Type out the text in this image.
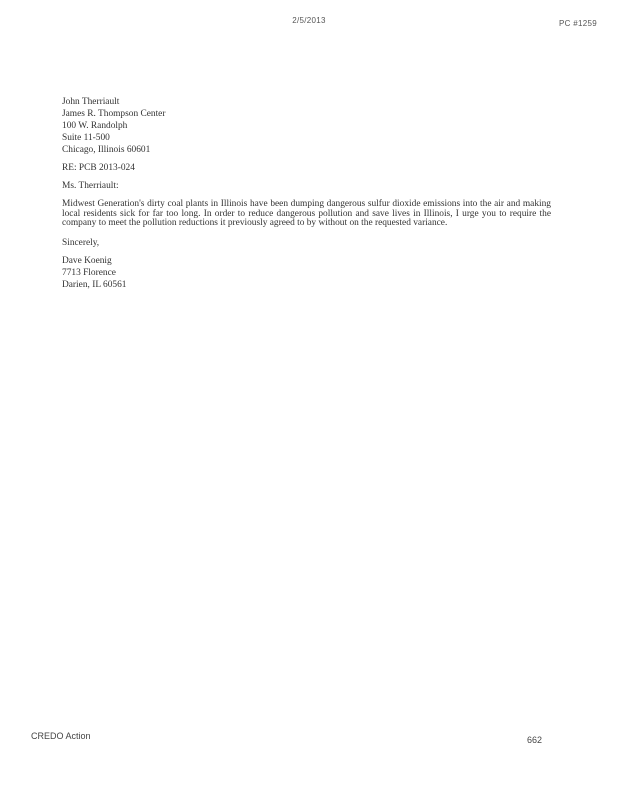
2/5/2013	PC #1259
John Therriault
James R. Thompson Center
100 W. Randolph
Suite 11-500
Chicago, Illinois 60601
RE: PCB 2013-024
Ms. Therriault:

Midwest Generation's dirty coal plants in Illinois have been dumping dangerous sulfur dioxide emissions into the air and making local residents sick for far too long. In order to reduce dangerous pollution and save lives in Illinois, I urge you to require the company to meet the pollution reductions it previously agreed to by without on the requested variance.

Sincerely,
Dave Koenig
7713 Florence
Darien, IL 60561
CREDO Action	662
